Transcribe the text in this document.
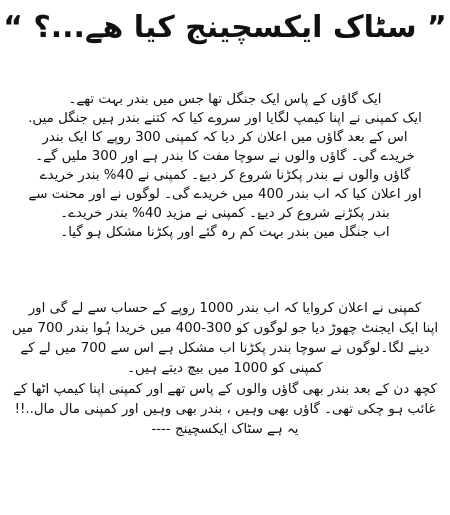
” سٹاک ایکسچینج کیا ھے...؟ “
ایک گاؤں کے پاس ایک جنگل تھا جس میں بندر بہت تھے۔
ایک کمپنی نے اپنا کیمپ لگایا اور سروے کیا کہ کتنے بندر ہیں جنگل میں.
اس کے بعد گاؤں میں اعلان کر دیا کہ کمپنی 300 روپے کا ایک بندر
خریدے گی۔ گاؤں والوں نے سوچا مفت کا بندر ہے اور 300 ملیں گے۔
گاؤں والوں نے بندر پکڑنا شروع کر دیۓ۔ کمپنی نے 40% بندر خریدے
اور اعلان کیا کہ اب بندر 400 میں خریدے گی۔ لوگوں نے اور محنت سے
بندر پکڑنے شروع کر دیۓ۔ کمپنی نے مزید 40% بندر خریدے۔
اب جنگل مین بندر بہت کم رہ گئے اور پکڑنا مشکل ہو گیا۔
کمپنی نے اعلان کروایا کہ اب بندر 1000 روپے کے حساب سے لے گی اور
اپنا ایک ایجنٹ چھوڑ دیا جو لوگوں کو 300-400 میں خریدا ہُوا بندر 700 میں
دینے لگا۔لوگوں نے سوچا بندر پکڑنا اب مشکل ہے اس سے 700 میں لے کے
کمپنی کو 1000 میں بیچ دیتے ہیں۔
کچھ دن کے بعد بندر بھی گاؤں والوں کے پاس تھے اور کمپنی اپنا کیمپ اٹھا کے
غائب ہو چکی تھی۔ گاؤں بھی وہیں ، بندر بھی وہیں اور کمپنی مال مال..!!
یہ ہے سٹاک ایکسچینج ----
